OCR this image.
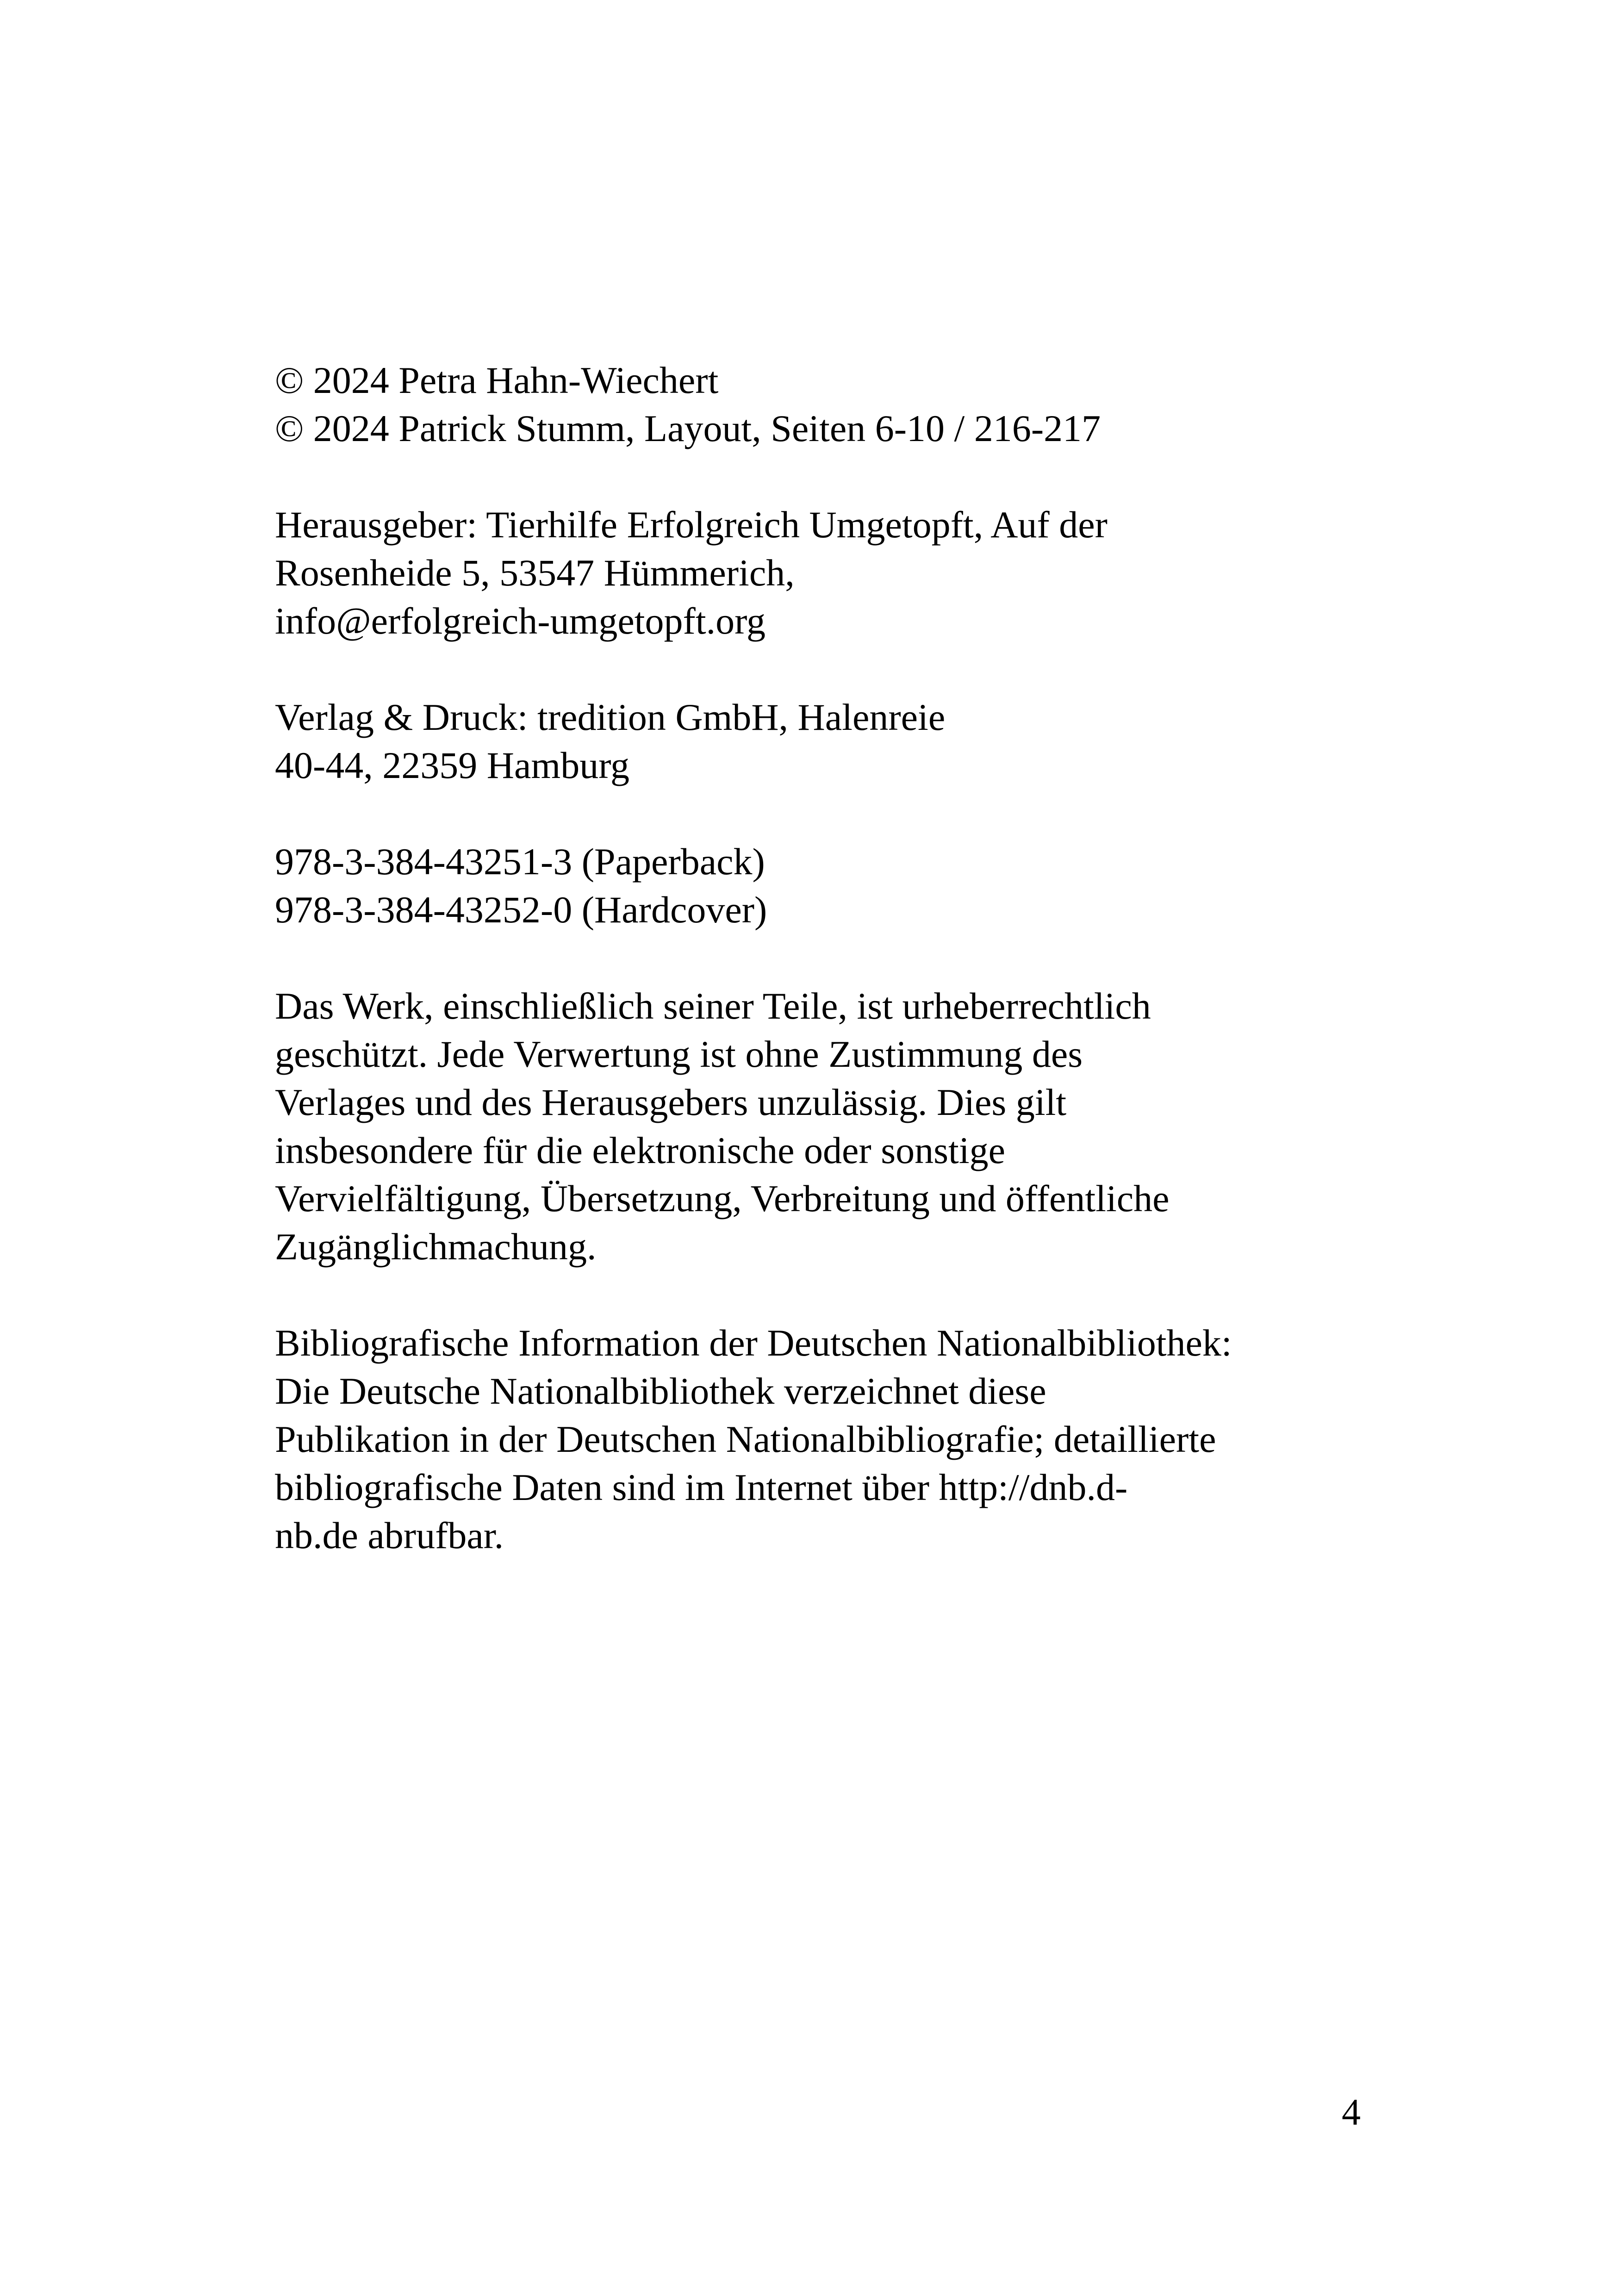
© 2024 Petra Hahn-Wiechert
© 2024 Patrick Stumm, Layout, Seiten 6-10 / 216-217
Herausgeber: Tierhilfe Erfolgreich Umgetopft, Auf der
Rosenheide 5, 53547 Hümmerich,
info@erfolgreich-umgetopft.org
Verlag & Druck: tredition GmbH, Halenreie
40-44, 22359 Hamburg
978-3-384-43251-3 (Paperback)
978-3-384-43252-0 (Hardcover)
Das Werk, einschließlich seiner Teile, ist urheberrechtlich
geschützt. Jede Verwertung ist ohne Zustimmung des
Verlages und des Herausgebers unzulässig. Dies gilt
insbesondere für die elektronische oder sonstige
Vervielfältigung, Übersetzung, Verbreitung und öffentliche
Zugänglichmachung.
Bibliografische Information der Deutschen Nationalbibliothek:
Die Deutsche Nationalbibliothek verzeichnet diese
Publikation in der Deutschen Nationalbibliografie; detaillierte
bibliografische Daten sind im Internet über http://dnb.d-
nb.de abrufbar.
4
